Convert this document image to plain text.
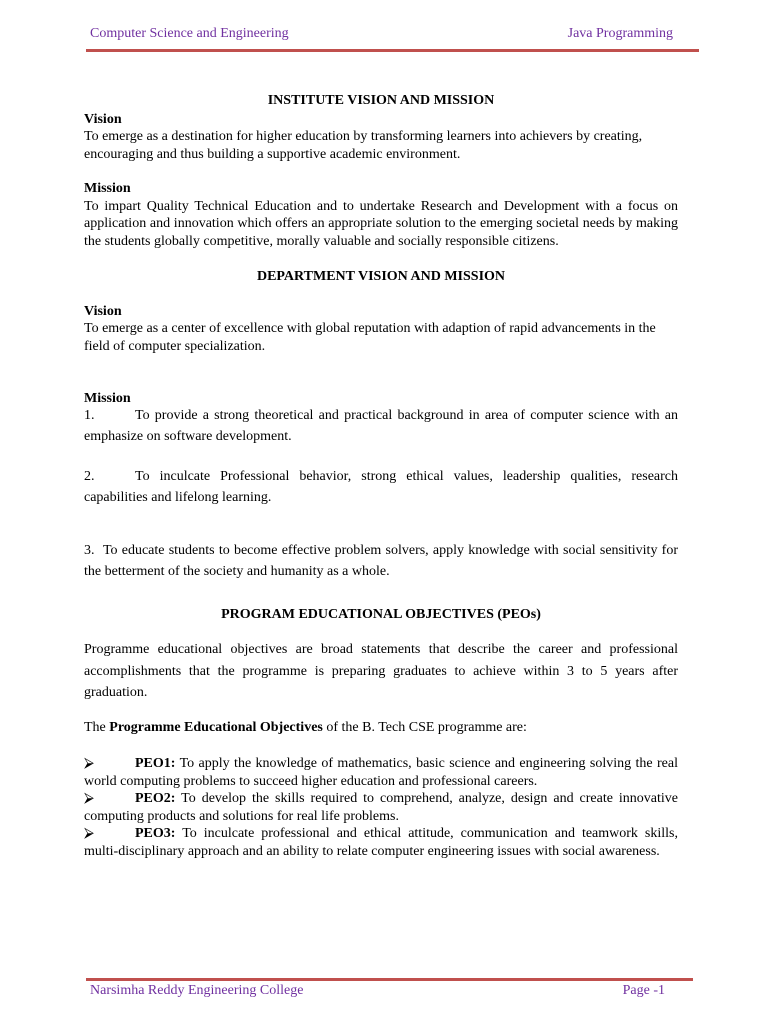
Computer Science and Engineering	Java Programming

INSTITUTE VISION AND MISSION

Vision

To emerge as a destination for higher education by transforming learners into achievers by creating, encouraging and thus building a supportive academic environment.

Mission

To impart Quality Technical Education and to undertake Research and Development with a focus on application and innovation which offers an appropriate solution to the emerging societal needs by making the students globally competitive, morally valuable and socially responsible citizens.

DEPARTMENT VISION AND MISSION

Vision

To emerge as a center of excellence with global reputation with adaption of rapid advancements in the field of computer specialization.

Mission

1.	To provide a strong theoretical and practical background in area of computer science with an emphasize on software development.

2.	To inculcate Professional behavior, strong ethical values, leadership qualities, research capabilities and lifelong learning.

3. To educate students to become effective problem solvers, apply knowledge with social sensitivity for the betterment of the society and humanity as a whole.

PROGRAM EDUCATIONAL OBJECTIVES (PEOs)

Programme educational objectives are broad statements that describe the career and professional accomplishments that the programme is preparing graduates to achieve within 3 to 5 years after graduation.

The Programme Educational Objectives of the B. Tech CSE programme are:

⮚	PEO1: To apply the knowledge of mathematics, basic science and engineering solving the real world computing problems to succeed higher education and professional careers.

⮚	PEO2: To develop the skills required to comprehend, analyze, design and create innovative computing products and solutions for real life problems.

⮚	PEO3: To inculcate professional and ethical attitude, communication and teamwork skills, multi-disciplinary approach and an ability to relate computer engineering issues with social awareness.

Narsimha Reddy Engineering College	Page -1
